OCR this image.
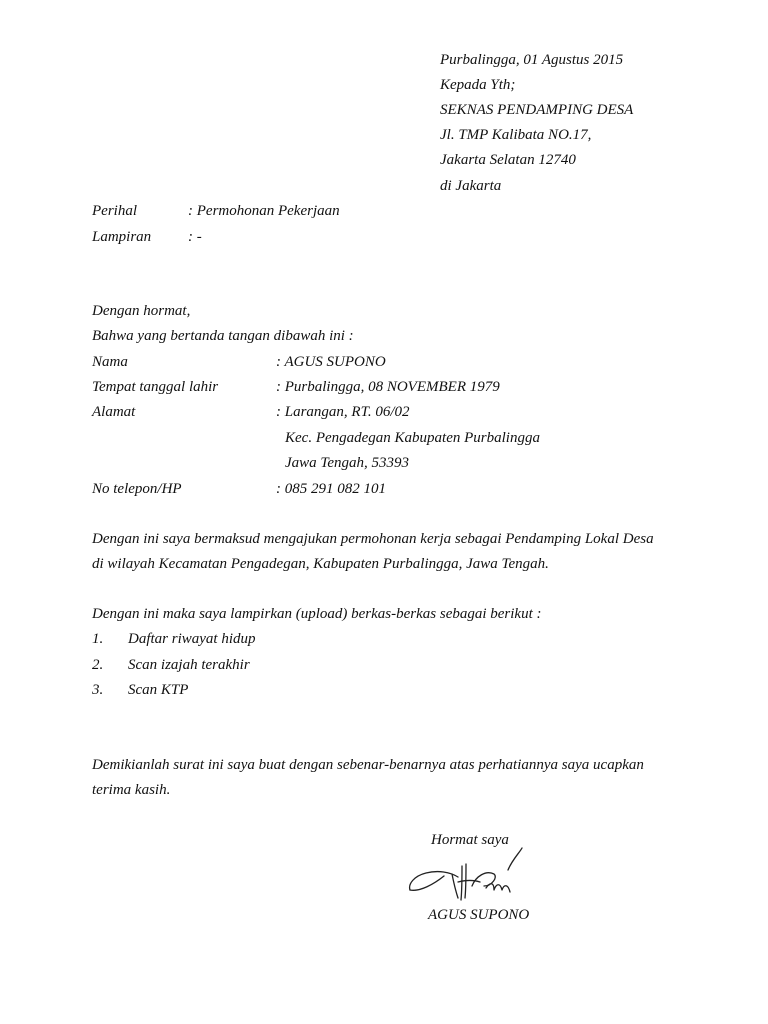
Purbalingga, 01 Agustus 2015
Kepada Yth;
SEKNAS PENDAMPING DESA
Jl. TMP Kalibata NO.17,
Jakarta Selatan 12740
di Jakarta
Perihal	: Permohonan Pekerjaan
Lampiran : -
Dengan hormat,
Bahwa yang bertanda tangan dibawah ini :
Nama	: AGUS SUPONO
Tempat tanggal lahir	: Purbalingga, 08 NOVEMBER 1979
Alamat	: Larangan, RT. 06/02
Kec. Pengadegan Kabupaten Purbalingga
Jawa Tengah, 53393
No telepon/HP	: 085 291 082 101
Dengan ini saya bermaksud mengajukan permohonan kerja sebagai Pendamping Lokal Desa
di wilayah Kecamatan Pengadegan, Kabupaten Purbalingga, Jawa Tengah.
Dengan ini maka saya lampirkan (upload) berkas-berkas sebagai berikut :
1. Daftar riwayat hidup
2. Scan izajah terakhir
3. Scan KTP
Demikianlah surat ini saya buat dengan sebenar-benarnya atas perhatiannya saya ucapkan
terima kasih.
Hormat saya
AGUS SUPONO
